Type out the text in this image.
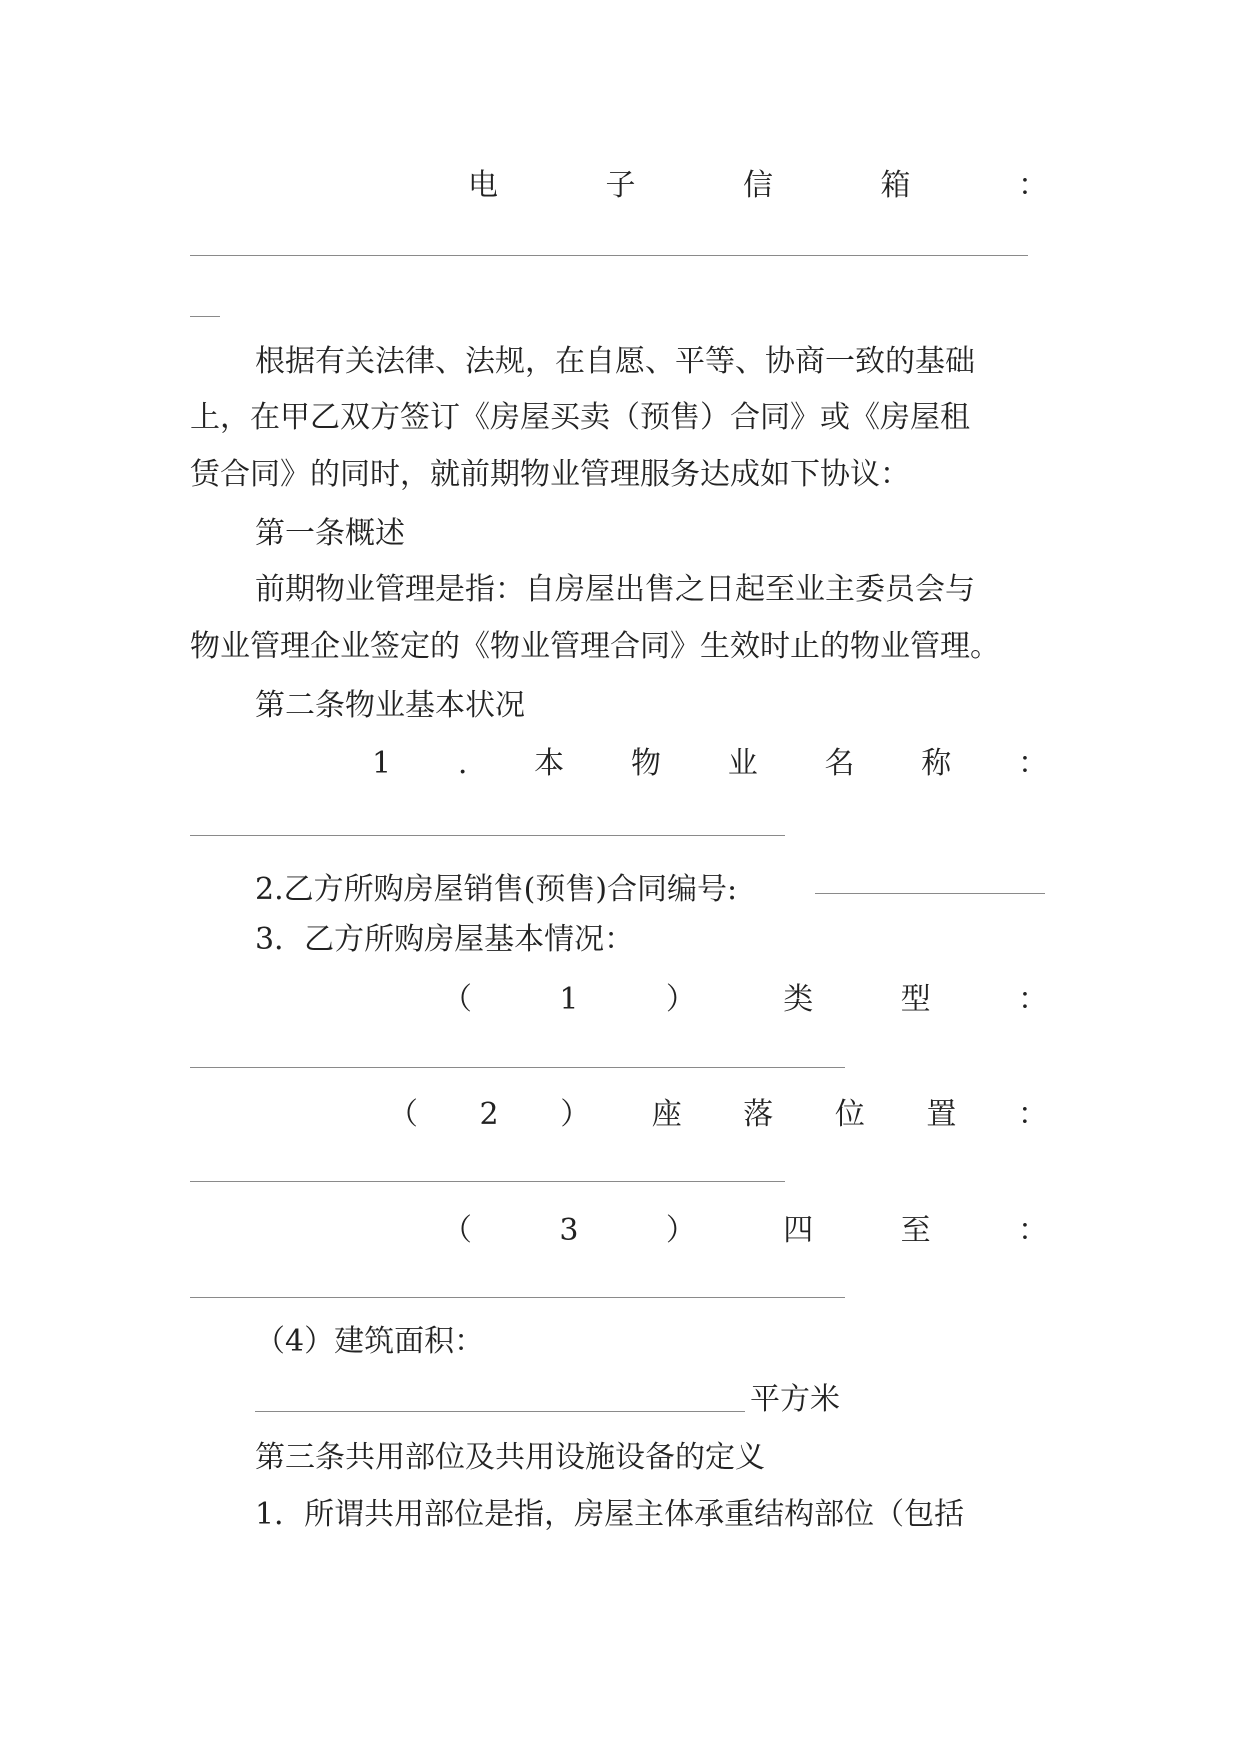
电	子	信	箱	：
根据有关法律、法规，在自愿、平等、协商一致的基础
上，在甲乙双方签订《房屋买卖（预售）合同》或《房屋租
赁合同》的同时，就前期物业管理服务达成如下协议：
第一条概述
前期物业管理是指：自房屋出售之日起至业主委员会与
物业管理企业签定的《物业管理合同》生效时止的物业管理。
第二条物业基本状况
1 . 本 物 业 名 称 ：
2.乙方所购房屋销售(预售)合同编号:
3．乙方所购房屋基本情况：
（	1	）	类	型	：
（ 2 ） 座 落 位 置 ：
（	3	）	四	至	：
（4）建筑面积：
平方米
第三条共用部位及共用设施设备的定义
1．所谓共用部位是指，房屋主体承重结构部位（包括
